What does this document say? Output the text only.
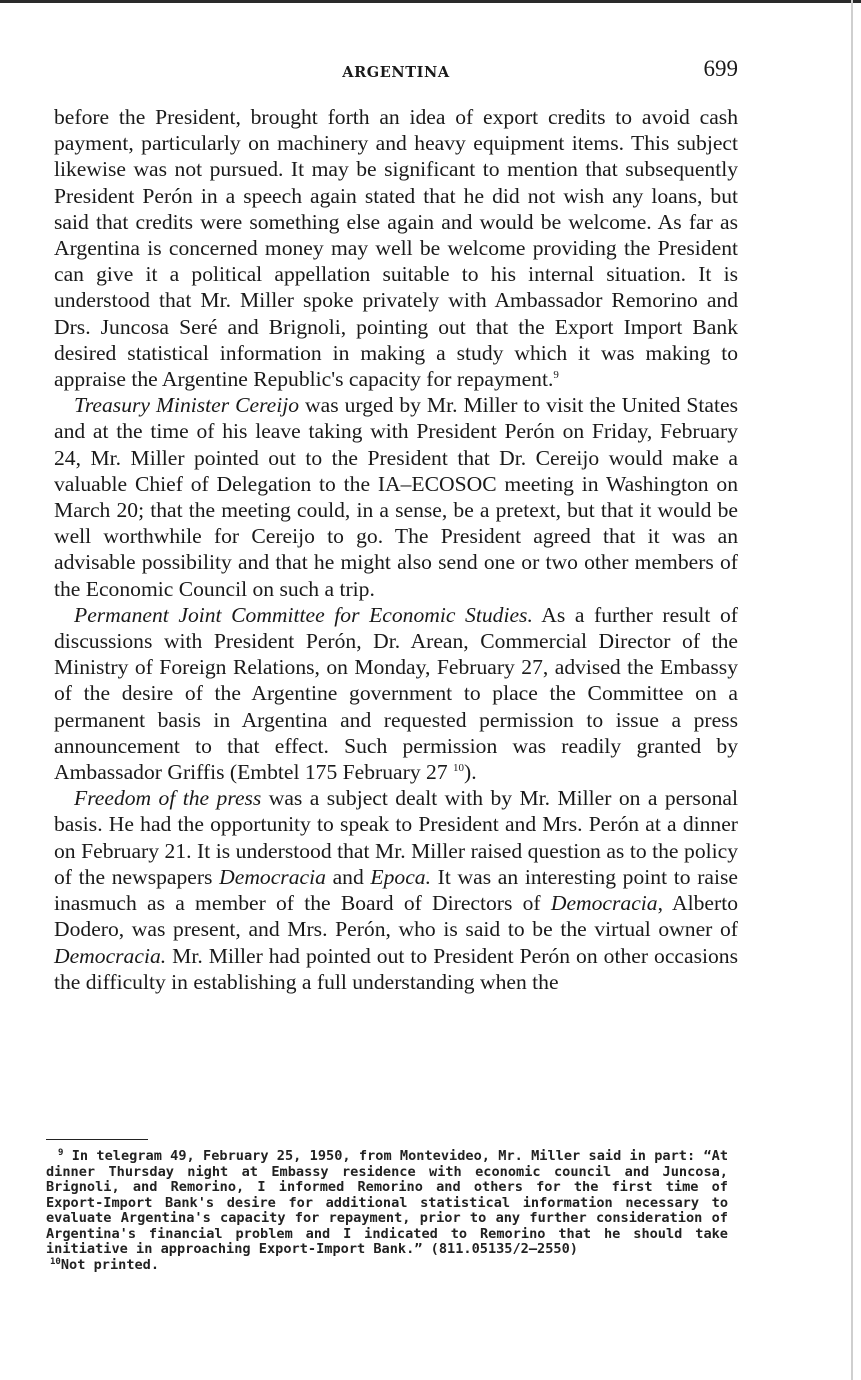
ARGENTINA	699

before the President, brought forth an idea of export credits to avoid cash payment, particularly on machinery and heavy equipment items. This subject likewise was not pursued. It may be significant to mention that subsequently President Perón in a speech again stated that he did not wish any loans, but said that credits were something else again and would be welcome. As far as Argentina is concerned money may well be welcome providing the President can give it a political appellation suitable to his internal situation. It is understood that Mr. Miller spoke privately with Ambassador Remorino and Drs. Juncosa Seré and Brignoli, pointing out that the Export Import Bank desired statistical information in making a study which it was making to appraise the Argentine Republic's capacity for repayment.$^9$

Treasury Minister Cereijo was urged by Mr. Miller to visit the United States and at the time of his leave taking with President Perón on Friday, February 24, Mr. Miller pointed out to the President that Dr. Cereijo would make a valuable Chief of Delegation to the IA–ECOSOC meeting in Washington on March 20; that the meeting could, in a sense, be a pretext, but that it would be well worthwhile for Cereijo to go. The President agreed that it was an advisable possibility and that he might also send one or two other members of the Economic Council on such a trip.

Permanent Joint Committee for Economic Studies. As a further result of discussions with President Perón, Dr. Arean, Commercial Director of the Ministry of Foreign Relations, on Monday, February 27, advised the Embassy of the desire of the Argentine government to place the Committee on a permanent basis in Argentina and requested permission to issue a press announcement to that effect. Such permission was readily granted by Ambassador Griffis (Embtel 175 February 27 $^{10}$).

Freedom of the press was a subject dealt with by Mr. Miller on a personal basis. He had the opportunity to speak to President and Mrs. Perón at a dinner on February 21. It is understood that Mr. Miller raised question as to the policy of the newspapers Democracia and Epoca. It was an interesting point to raise inasmuch as a member of the Board of Directors of Democracia, Alberto Dodero, was present, and Mrs. Perón, who is said to be the virtual owner of Democracia. Mr. Miller had pointed out to President Perón on other occasions the difficulty in establishing a full understanding when the

$^9$ In telegram 49, February 25, 1950, from Montevideo, Mr. Miller said in part: “At dinner Thursday night at Embassy residence with economic council and Juncosa, Brignoli, and Remorino, I informed Remorino and others for the first time of Export-Import Bank's desire for additional statistical information necessary to evaluate Argentina's capacity for repayment, prior to any further consideration of Argentina's financial problem and I indicated to Remorino that he should take initiative in approaching Export-Import Bank.” (811.05135/2–2550)

$^{10}$Not printed.
